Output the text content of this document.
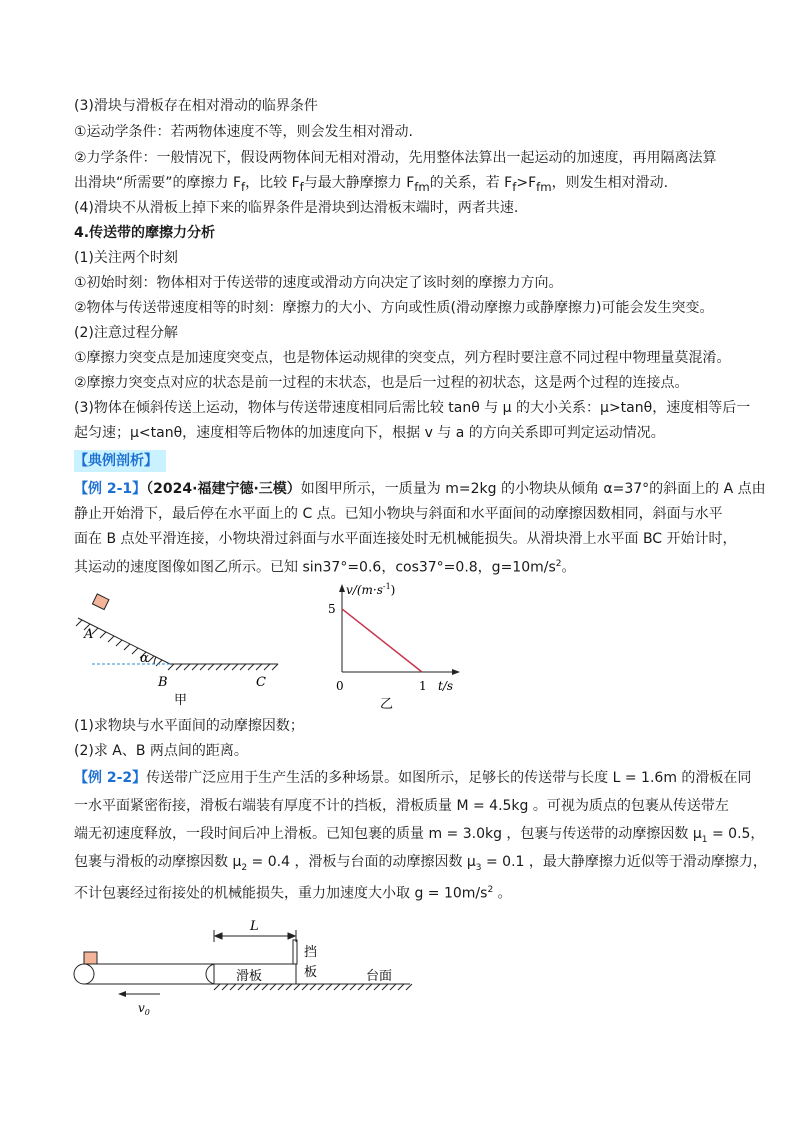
(3)滑块与滑板存在相对滑动的临界条件
①运动学条件：若两物体速度不等，则会发生相对滑动.
②力学条件：一般情况下，假设两物体间无相对滑动，先用整体法算出一起运动的加速度，再用隔离法算
出滑块“所需要”的摩擦力 $F_f$，比较 $F_f$与最大静摩擦力 $F_{fm}$的关系，若 $F_f>F_{fm}$，则发生相对滑动.
(4)滑块不从滑板上掉下来的临界条件是滑块到达滑板末端时，两者共速.
4.传送带的摩擦力分析
(1)关注两个时刻
①初始时刻：物体相对于传送带的速度或滑动方向决定了该时刻的摩擦力方向。
②物体与传送带速度相等的时刻：摩擦力的大小、方向或性质(滑动摩擦力或静摩擦力)可能会发生突变。
(2)注意过程分解
①摩擦力突变点是加速度突变点，也是物体运动规律的突变点，列方程时要注意不同过程中物理量莫混淆。
②摩擦力突变点对应的状态是前一过程的末状态，也是后一过程的初状态，这是两个过程的连接点。
(3)物体在倾斜传送上运动，物体与传送带速度相同后需比较 tanθ 与 μ 的大小关系：μ>tanθ，速度相等后一
起匀速；μ<tanθ，速度相等后物体的加速度向下，根据 v 与 a 的方向关系即可判定运动情况。
【典例剖析】
【例 2-1】（2024·福建宁德·三模）如图甲所示，一质量为 m=2kg 的小物块从倾角 α=37°的斜面上的 A 点由
静止开始滑下，最后停在水平面上的 C 点。已知小物块与斜面和水平面间的动摩擦因数相同，斜面与水平
面在 B 点处平滑连接，小物块滑过斜面与水平面连接处时无机械能损失。从滑块滑上水平面 BC 开始计时，
其运动的速度图像如图乙所示。已知 sin37°=0.6，cos37°=0.8，$g=10m/s^2$。
A
α
B	C
甲
$v/(m\cdot s^{-1})$
t/s
0
5
1
乙
(1)求物块与水平面间的动摩擦因数；
(2)求 A、B 两点间的距离。
【例 2-2】传送带广泛应用于生产生活的多种场景。如图所示，足够长的传送带与长度 L = 1.6m 的滑板在同
一水平面紧密衔接，滑板右端装有厚度不计的挡板，滑板质量 M = 4.5kg 。可视为质点的包裹从传送带左
端无初速度释放，一段时间后冲上滑板。已知包裹的质量 m = 3.0kg ，包裹与传送带的动摩擦因数 $\mu_1 = 0.5$，
包裹与滑板的动摩擦因数 $\mu_2 = 0.4$ ，滑板与台面的动摩擦因数 $\mu_3 = 0.1$ ，最大静摩擦力近似等于滑动摩擦力，
不计包裹经过衔接处的机械能损失，重力加速度大小取 $g = 10m/s^2$ 。
$v_0$
L
滑板
挡
板	台面
